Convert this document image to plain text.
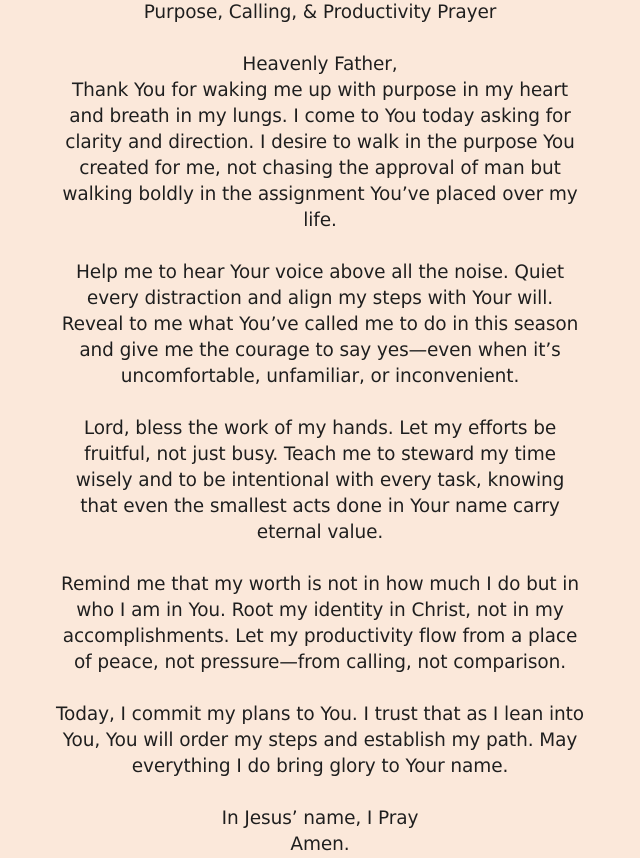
Purpose, Calling, & Productivity Prayer
Heavenly Father,
Thank You for waking me up with purpose in my heart
and breath in my lungs. I come to You today asking for
clarity and direction. I desire to walk in the purpose You
created for me, not chasing the approval of man but
walking boldly in the assignment You’ve placed over my
life.
Help me to hear Your voice above all the noise. Quiet
every distraction and align my steps with Your will.
Reveal to me what You’ve called me to do in this season
and give me the courage to say yes—even when it’s
uncomfortable, unfamiliar, or inconvenient.
Lord, bless the work of my hands. Let my efforts be
fruitful, not just busy. Teach me to steward my time
wisely and to be intentional with every task, knowing
that even the smallest acts done in Your name carry
eternal value.
Remind me that my worth is not in how much I do but in
who I am in You. Root my identity in Christ, not in my
accomplishments. Let my productivity flow from a place
of peace, not pressure—from calling, not comparison.
Today, I commit my plans to You. I trust that as I lean into
You, You will order my steps and establish my path. May
everything I do bring glory to Your name.
In Jesus’ name, I Pray
Amen.
